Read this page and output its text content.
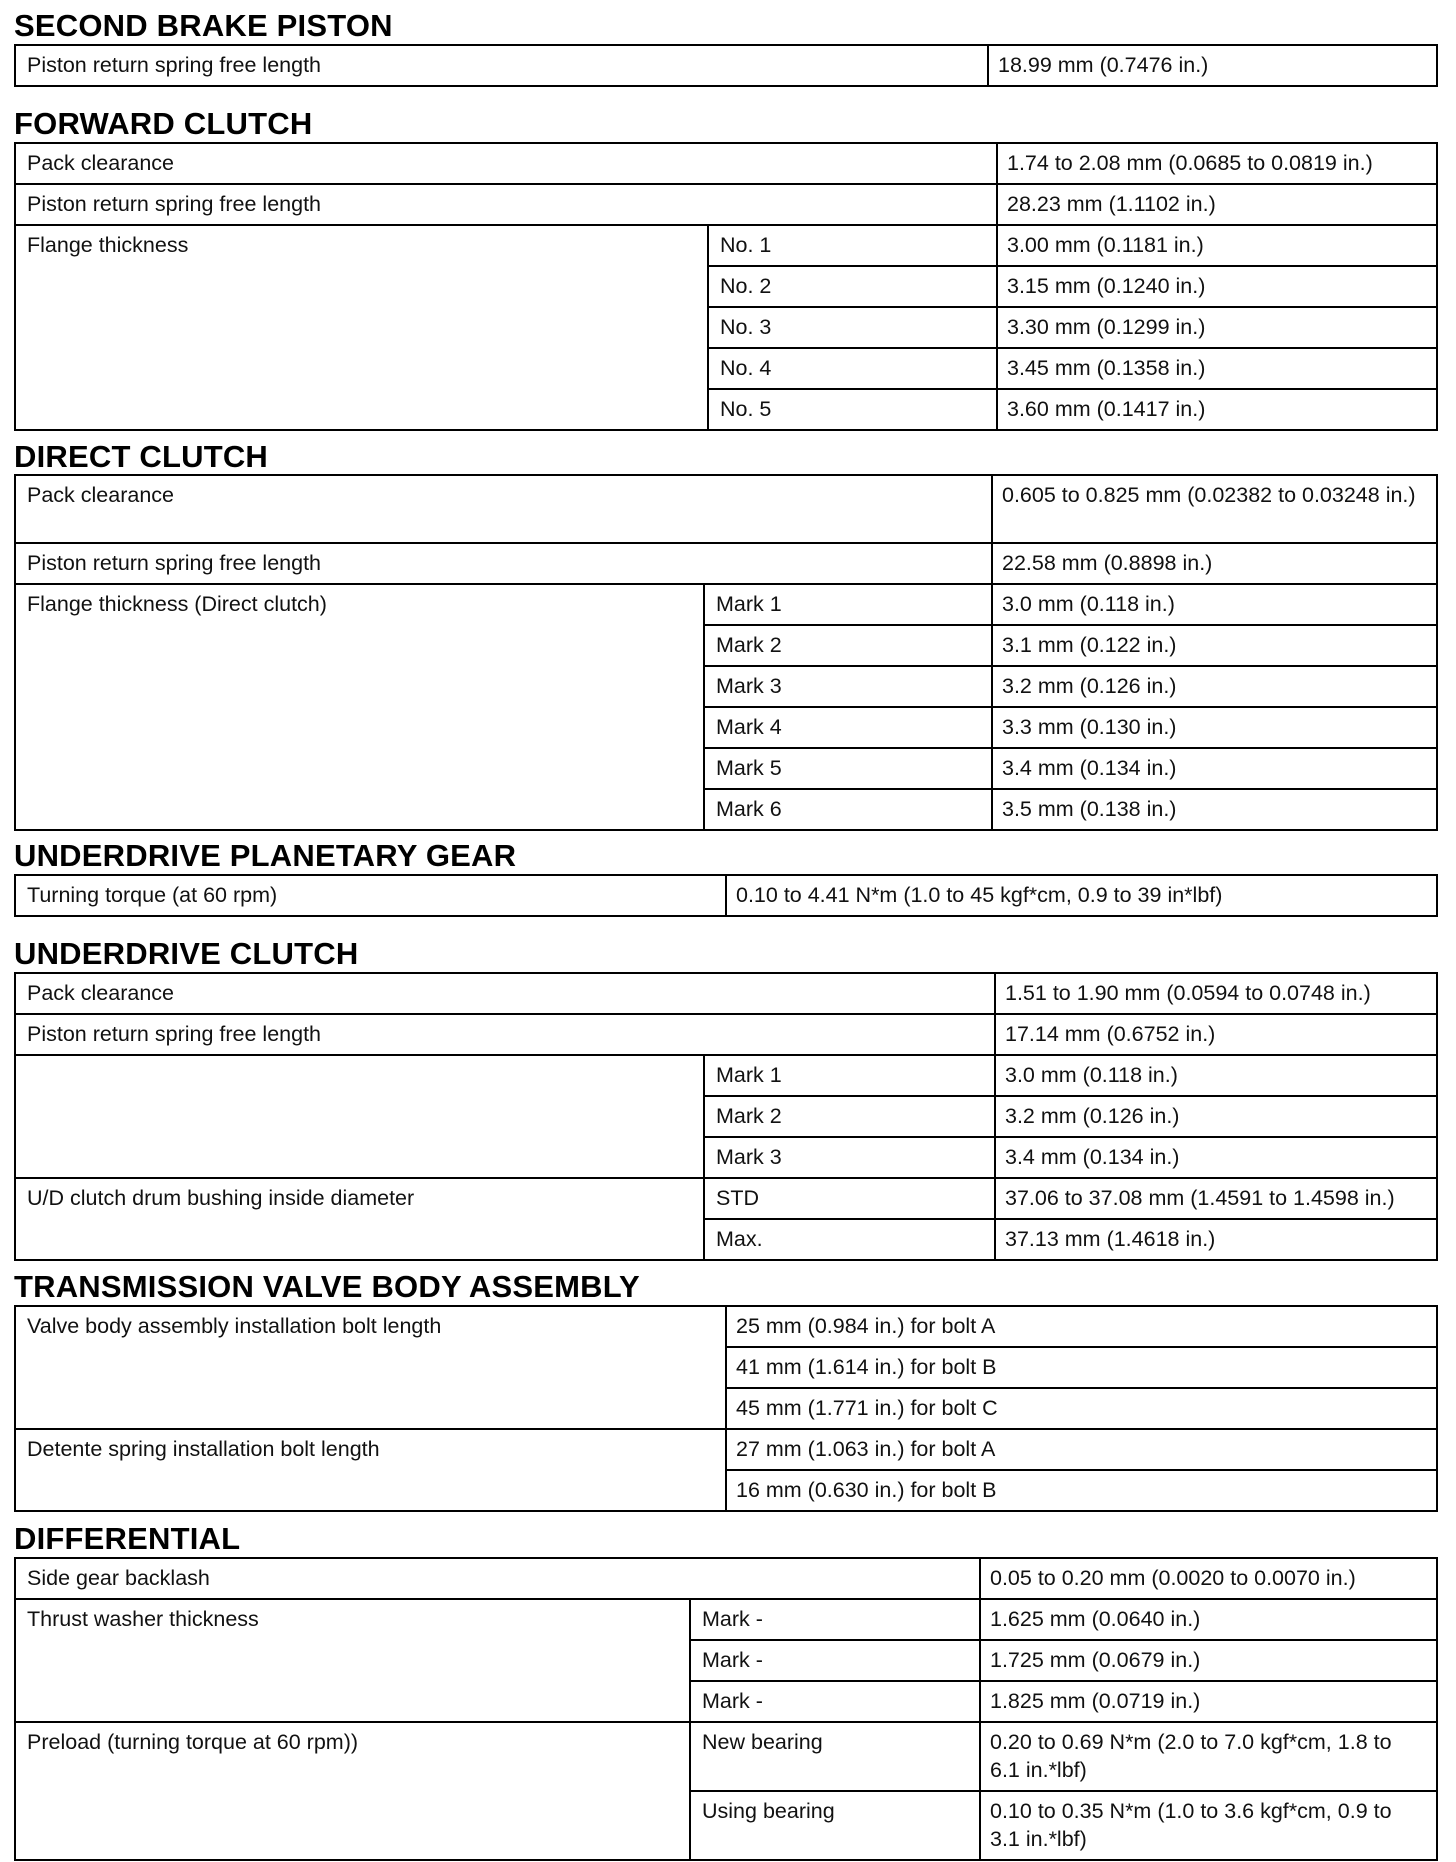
SECOND BRAKE PISTON
Piston return spring free length	18.99 mm (0.7476 in.)
FORWARD CLUTCH
Pack clearance		1.74 to 2.08 mm (0.0685 to 0.0819 in.)
Piston return spring free length		28.23 mm (1.1102 in.)
Flange thickness	No. 1	3.00 mm (0.1181 in.)
	No. 2	3.15 mm (0.1240 in.)
	No. 3	3.30 mm (0.1299 in.)
	No. 4	3.45 mm (0.1358 in.)
	No. 5	3.60 mm (0.1417 in.)
DIRECT CLUTCH
Pack clearance		0.605 to 0.825 mm (0.02382 to 0.03248 in.)
Piston return spring free length		22.58 mm (0.8898 in.)
Flange thickness (Direct clutch)	Mark 1	3.0 mm (0.118 in.)
	Mark 2	3.1 mm (0.122 in.)
	Mark 3	3.2 mm (0.126 in.)
	Mark 4	3.3 mm (0.130 in.)
	Mark 5	3.4 mm (0.134 in.)
	Mark 6	3.5 mm (0.138 in.)
UNDERDRIVE PLANETARY GEAR
Turning torque (at 60 rpm)	0.10 to 4.41 N*m (1.0 to 45 kgf*cm, 0.9 to 39 in*lbf)
UNDERDRIVE CLUTCH
Pack clearance		1.51 to 1.90 mm (0.0594 to 0.0748 in.)
Piston return spring free length		17.14 mm (0.6752 in.)
	Mark 1	3.0 mm (0.118 in.)
	Mark 2	3.2 mm (0.126 in.)
	Mark 3	3.4 mm (0.134 in.)
U/D clutch drum bushing inside diameter	STD	37.06 to 37.08 mm (1.4591 to 1.4598 in.)
	Max.	37.13 mm (1.4618 in.)
TRANSMISSION VALVE BODY ASSEMBLY
Valve body assembly installation bolt length	25 mm (0.984 in.) for bolt A
	41 mm (1.614 in.) for bolt B
	45 mm (1.771 in.) for bolt C
Detente spring installation bolt length	27 mm (1.063 in.) for bolt A
	16 mm (0.630 in.) for bolt B
DIFFERENTIAL
Side gear backlash		0.05 to 0.20 mm (0.0020 to 0.0070 in.)
Thrust washer thickness	Mark -	1.625 mm (0.0640 in.)
	Mark -	1.725 mm (0.0679 in.)
	Mark -	1.825 mm (0.0719 in.)
Preload (turning torque at 60 rpm))	New bearing	0.20 to 0.69 N*m (2.0 to 7.0 kgf*cm, 1.8 to 6.1 in.*lbf)
	Using bearing	0.10 to 0.35 N*m (1.0 to 3.6 kgf*cm, 0.9 to 3.1 in.*lbf)
